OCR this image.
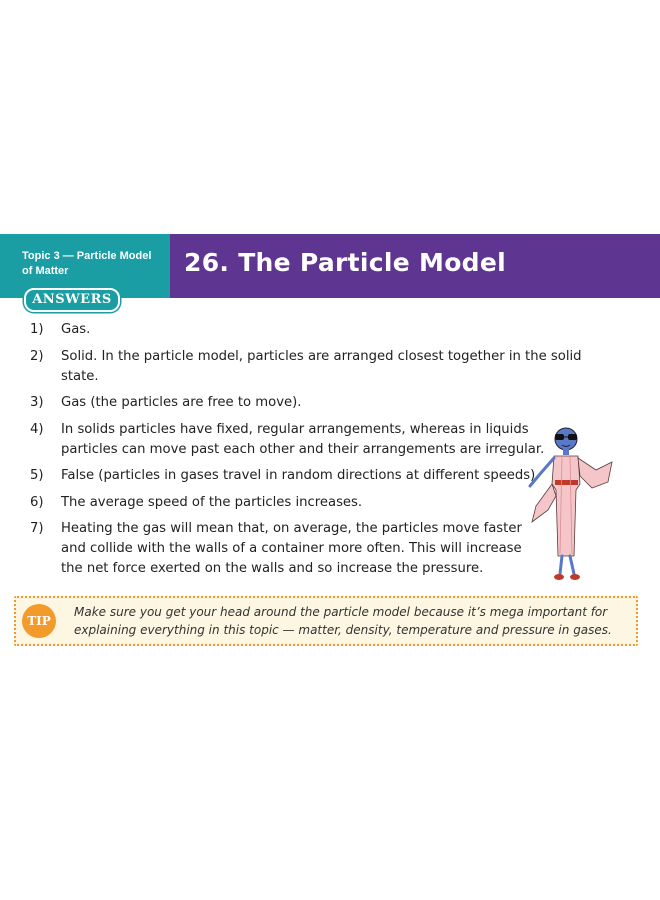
Topic 3 — Particle Model of Matter	26. The Particle Model
ANSWERS
1) Gas.
2) Solid. In the particle model, particles are arranged closest together in the solid state.
3) Gas (the particles are free to move).
4) In solids particles have fixed, regular arrangements, whereas in liquids particles can move past each other and their arrangements are irregular.
5) False (particles in gases travel in random directions at different speeds).
6) The average speed of the particles increases.
7) Heating the gas will mean that, on average, the particles move faster and collide with the walls of a container more often. This will increase the net force exerted on the walls and so increase the pressure.
TIP
Make sure you get your head around the particle model because it’s mega important for explaining everything in this topic — matter, density, temperature and pressure in gases.
